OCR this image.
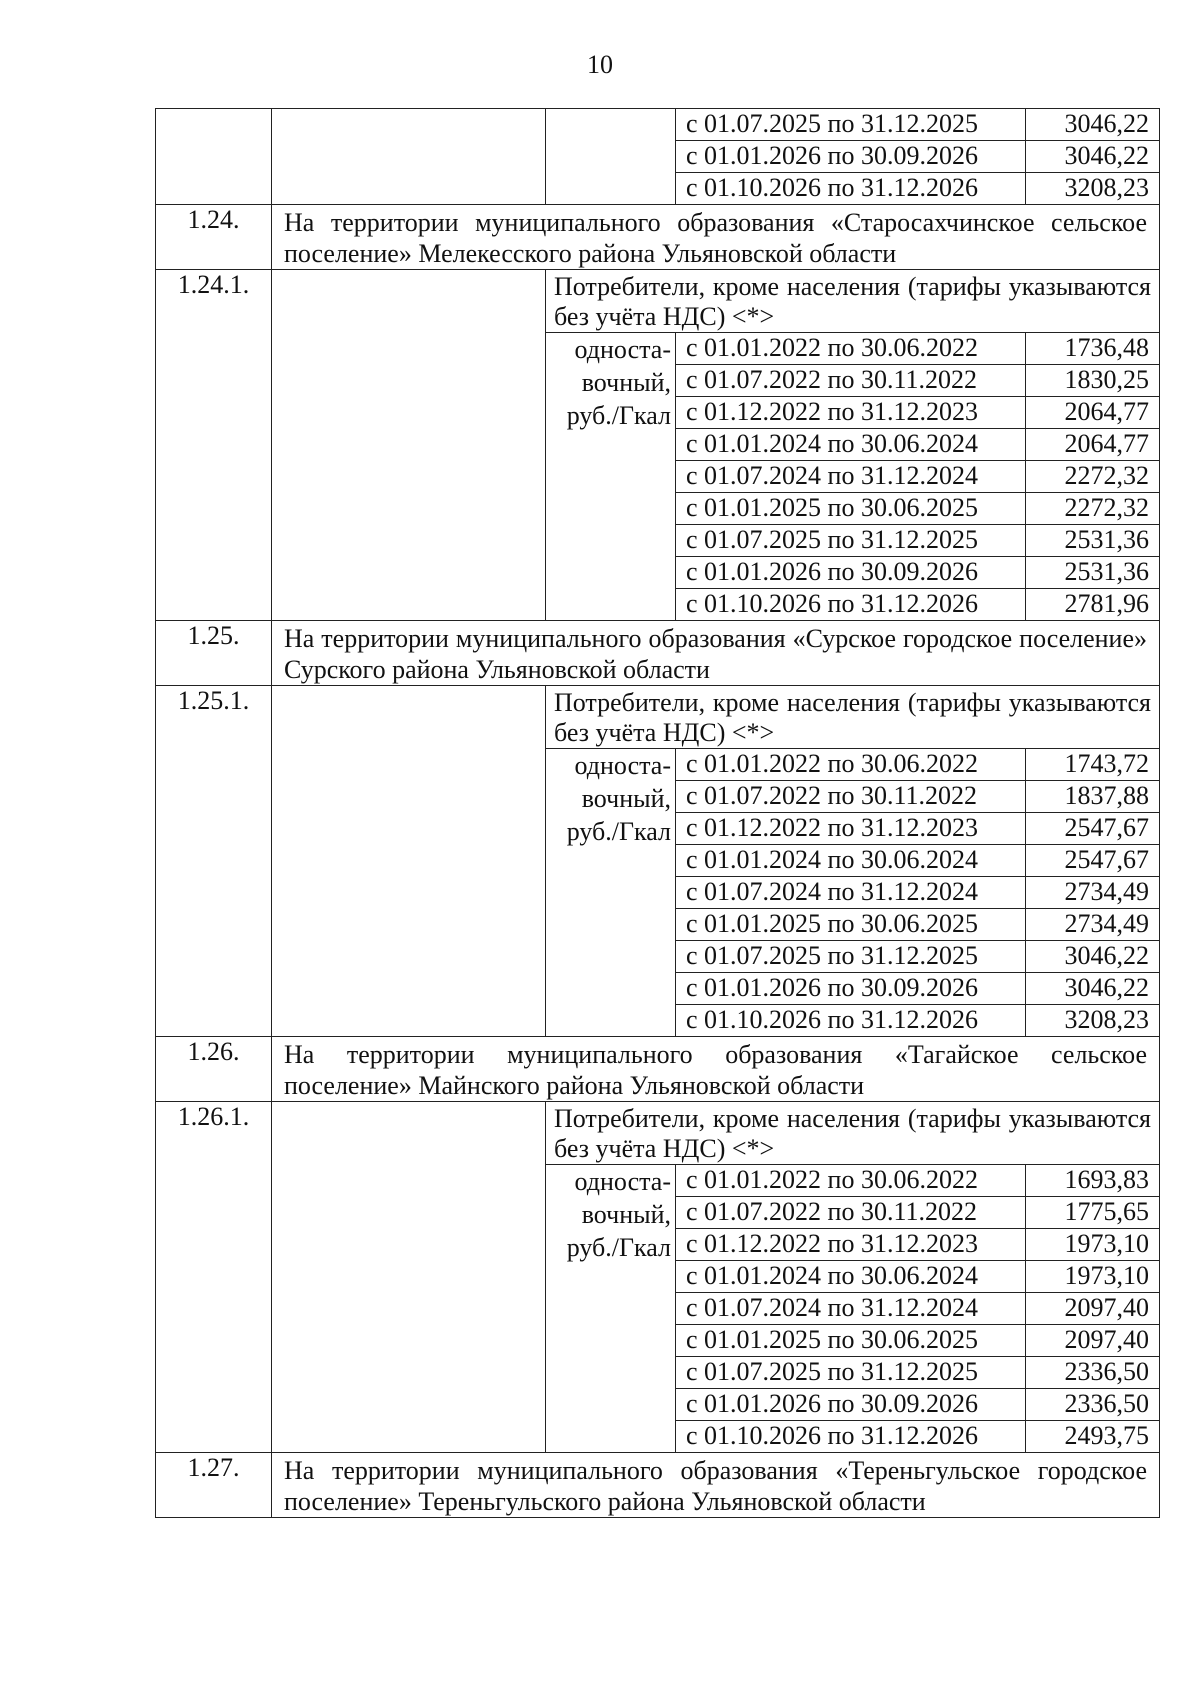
10
			с 01.07.2025 по 31.12.2025	3046,22
			с 01.01.2026 по 30.09.2026	3046,22
			с 01.10.2026 по 31.12.2026	3208,23
1.24.	На территории муниципального образования «Старосахчинское сельское поселение» Мелекесского района Ульяновской области			
1.24.1.		Потребители, кроме населения (тарифы указываются без учёта НДС) <*>		
		односта-вочный, руб./Гкал	с 01.01.2022 по 30.06.2022	1736,48
			с 01.07.2022 по 30.11.2022	1830,25
			с 01.12.2022 по 31.12.2023	2064,77
			с 01.01.2024 по 30.06.2024	2064,77
			с 01.07.2024 по 31.12.2024	2272,32
			с 01.01.2025 по 30.06.2025	2272,32
			с 01.07.2025 по 31.12.2025	2531,36
			с 01.01.2026 по 30.09.2026	2531,36
			с 01.10.2026 по 31.12.2026	2781,96
1.25.	На территории муниципального образования «Сурское городское поселение» Сурского района Ульяновской области			
1.25.1.		Потребители, кроме населения (тарифы указываются без учёта НДС) <*>		
		односта-вочный, руб./Гкал	с 01.01.2022 по 30.06.2022	1743,72
			с 01.07.2022 по 30.11.2022	1837,88
			с 01.12.2022 по 31.12.2023	2547,67
			с 01.01.2024 по 30.06.2024	2547,67
			с 01.07.2024 по 31.12.2024	2734,49
			с 01.01.2025 по 30.06.2025	2734,49
			с 01.07.2025 по 31.12.2025	3046,22
			с 01.01.2026 по 30.09.2026	3046,22
			с 01.10.2026 по 31.12.2026	3208,23
1.26.	На территории муниципального образования «Тагайское сельское поселение» Майнского района Ульяновской области			
1.26.1.		Потребители, кроме населения (тарифы указываются без учёта НДС) <*>		
		односта-вочный, руб./Гкал	с 01.01.2022 по 30.06.2022	1693,83
			с 01.07.2022 по 30.11.2022	1775,65
			с 01.12.2022 по 31.12.2023	1973,10
			с 01.01.2024 по 30.06.2024	1973,10
			с 01.07.2024 по 31.12.2024	2097,40
			с 01.01.2025 по 30.06.2025	2097,40
			с 01.07.2025 по 31.12.2025	2336,50
			с 01.01.2026 по 30.09.2026	2336,50
			с 01.10.2026 по 31.12.2026	2493,75
1.27.	На территории муниципального образования «Тереньгульское городское поселение» Тереньгульского района Ульяновской области			
